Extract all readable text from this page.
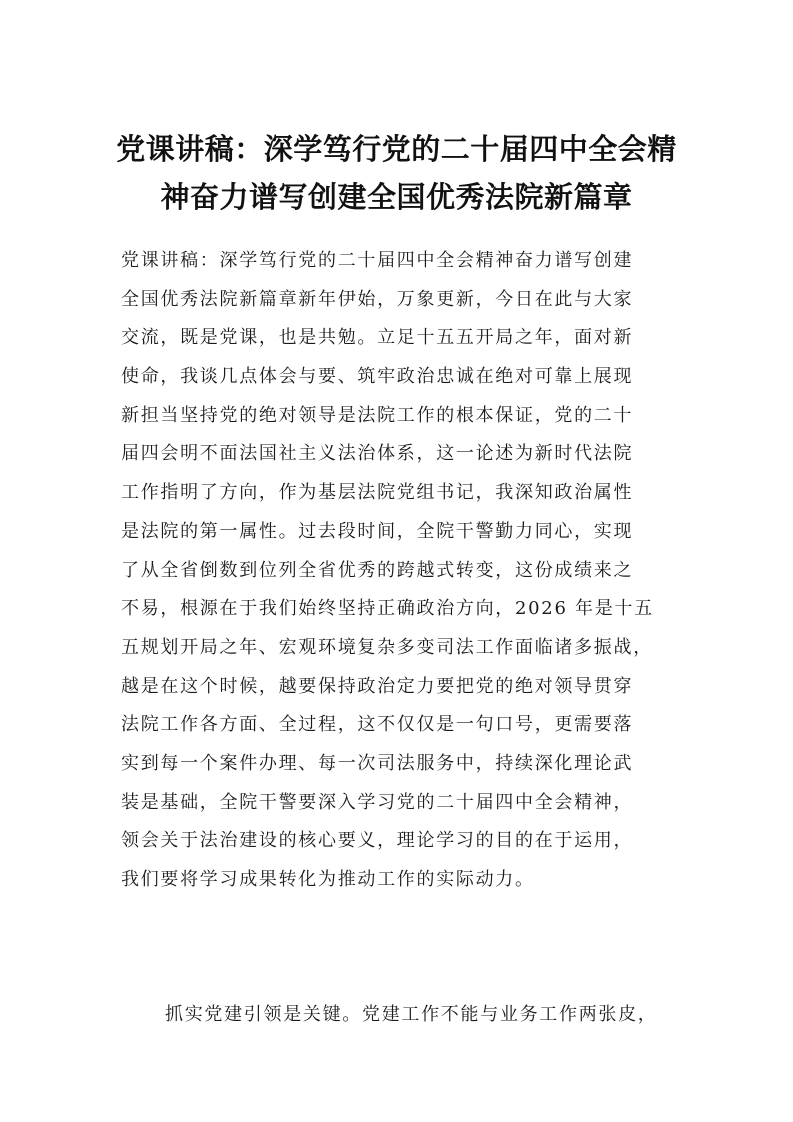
党课讲稿：深学笃行党的二十届四中全会精
神奋力谱写创建全国优秀法院新篇章
党课讲稿：深学笃行党的二十届四中全会精神奋力谱写创建
全国优秀法院新篇章新年伊始，万象更新，今日在此与大家
交流，既是党课，也是共勉。立足十五五开局之年，面对新
使命，我谈几点体会与要、筑牢政治忠诚在绝对可靠上展现
新担当坚持党的绝对领导是法院工作的根本保证，党的二十
届四会明不面法国社主义法治体系，这一论述为新时代法院
工作指明了方向，作为基层法院党组书记，我深知政治属性
是法院的第一属性。过去段时间，全院干警勤力同心，实现
了从全省倒数到位列全省优秀的跨越式转变，这份成绩来之
不易，根源在于我们始终坚持正确政治方向，2026 年是十五
五规划开局之年、宏观环境复杂多变司法工作面临诸多振战，
越是在这个时候，越要保持政治定力要把党的绝对领导贯穿
法院工作各方面、全过程，这不仅仅是一句口号，更需要落
实到每一个案件办理、每一次司法服务中，持续深化理论武
装是基础，全院干警要深入学习党的二十届四中全会精神，
领会关于法治建设的核心要义，理论学习的目的在于运用，
我们要将学习成果转化为推动工作的实际动力。
抓实党建引领是关键。党建工作不能与业务工作两张皮，
